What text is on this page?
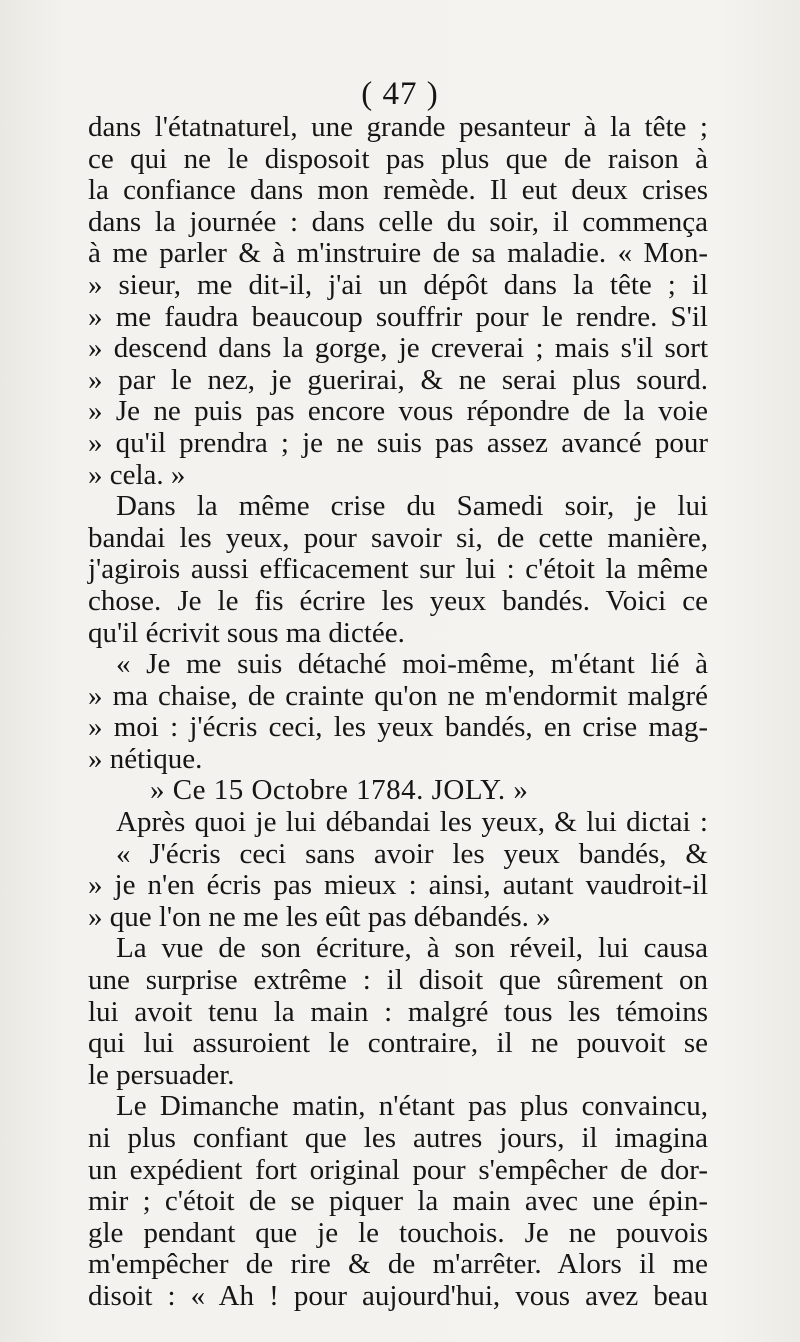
( 47 )
dans l'étatnaturel, une grande pesanteur à la tête ;
ce qui ne le disposoit pas plus que de raison à
la confiance dans mon remède. Il eut deux crises
dans la journée : dans celle du soir, il commença
à me parler & à m'instruire de sa maladie. « Mon-
» sieur, me dit-il, j'ai un dépôt dans la tête ; il
» me faudra beaucoup souffrir pour le rendre. S'il
» descend dans la gorge, je creverai ; mais s'il sort
» par le nez, je guerirai, & ne serai plus sourd.
» Je ne puis pas encore vous répondre de la voie
» qu'il prendra ; je ne suis pas assez avancé pour
» cela. »
Dans la même crise du Samedi soir, je lui
bandai les yeux, pour savoir si, de cette manière,
j'agirois aussi efficacement sur lui : c'étoit la même
chose. Je le fis écrire les yeux bandés. Voici ce
qu'il écrivit sous ma dictée.
« Je me suis détaché moi-même, m'étant lié à
» ma chaise, de crainte qu'on ne m'endormit malgré
» moi : j'écris ceci, les yeux bandés, en crise mag-
» nétique.
» Ce 15 Octobre 1784. JOLY. »
Après quoi je lui débandai les yeux, & lui dictai :
« J'écris ceci sans avoir les yeux bandés, &
» je n'en écris pas mieux : ainsi, autant vaudroit-il
» que l'on ne me les eût pas débandés. »
La vue de son écriture, à son réveil, lui causa
une surprise extrême : il disoit que sûrement on
lui avoit tenu la main : malgré tous les témoins
qui lui assuroient le contraire, il ne pouvoit se
le persuader.
Le Dimanche matin, n'étant pas plus convaincu,
ni plus confiant que les autres jours, il imagina
un expédient fort original pour s'empêcher de dor-
mir ; c'étoit de se piquer la main avec une épin-
gle pendant que je le touchois. Je ne pouvois
m'empêcher de rire & de m'arrêter. Alors il me
disoit : « Ah ! pour aujourd'hui, vous avez beau
